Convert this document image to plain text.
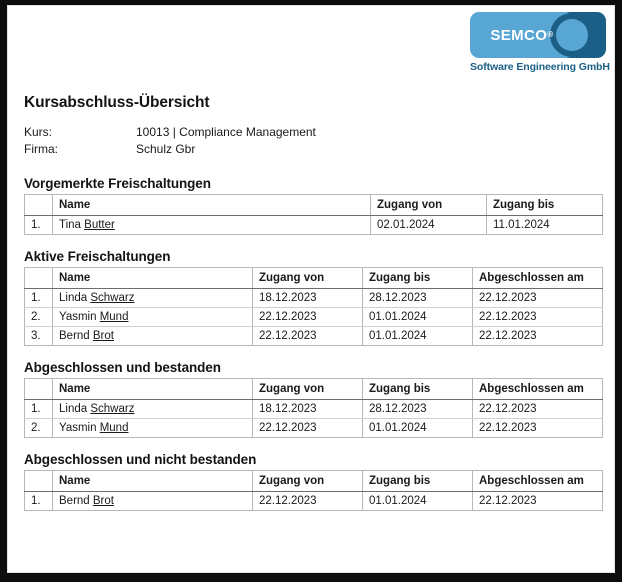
SEMCO ®
Software Engineering GmbH
Kursabschluss-Übersicht
Kurs:	10013 | Compliance Management
Firma:	Schulz Gbr
Vorgemerkte Freischaltungen
	Name	Zugang von	Zugang bis
1.	Tina Butter	02.01.2024	11.01.2024
Aktive Freischaltungen
	Name	Zugang von	Zugang bis	Abgeschlossen am
1.	Linda Schwarz	18.12.2023	28.12.2023	22.12.2023
2.	Yasmin Mund	22.12.2023	01.01.2024	22.12.2023
3.	Bernd Brot	22.12.2023	01.01.2024	22.12.2023
Abgeschlossen und bestanden
	Name	Zugang von	Zugang bis	Abgeschlossen am
1.	Linda Schwarz	18.12.2023	28.12.2023	22.12.2023
2.	Yasmin Mund	22.12.2023	01.01.2024	22.12.2023
Abgeschlossen und nicht bestanden
	Name	Zugang von	Zugang bis	Abgeschlossen am
1.	Bernd Brot	22.12.2023	01.01.2024	22.12.2023
